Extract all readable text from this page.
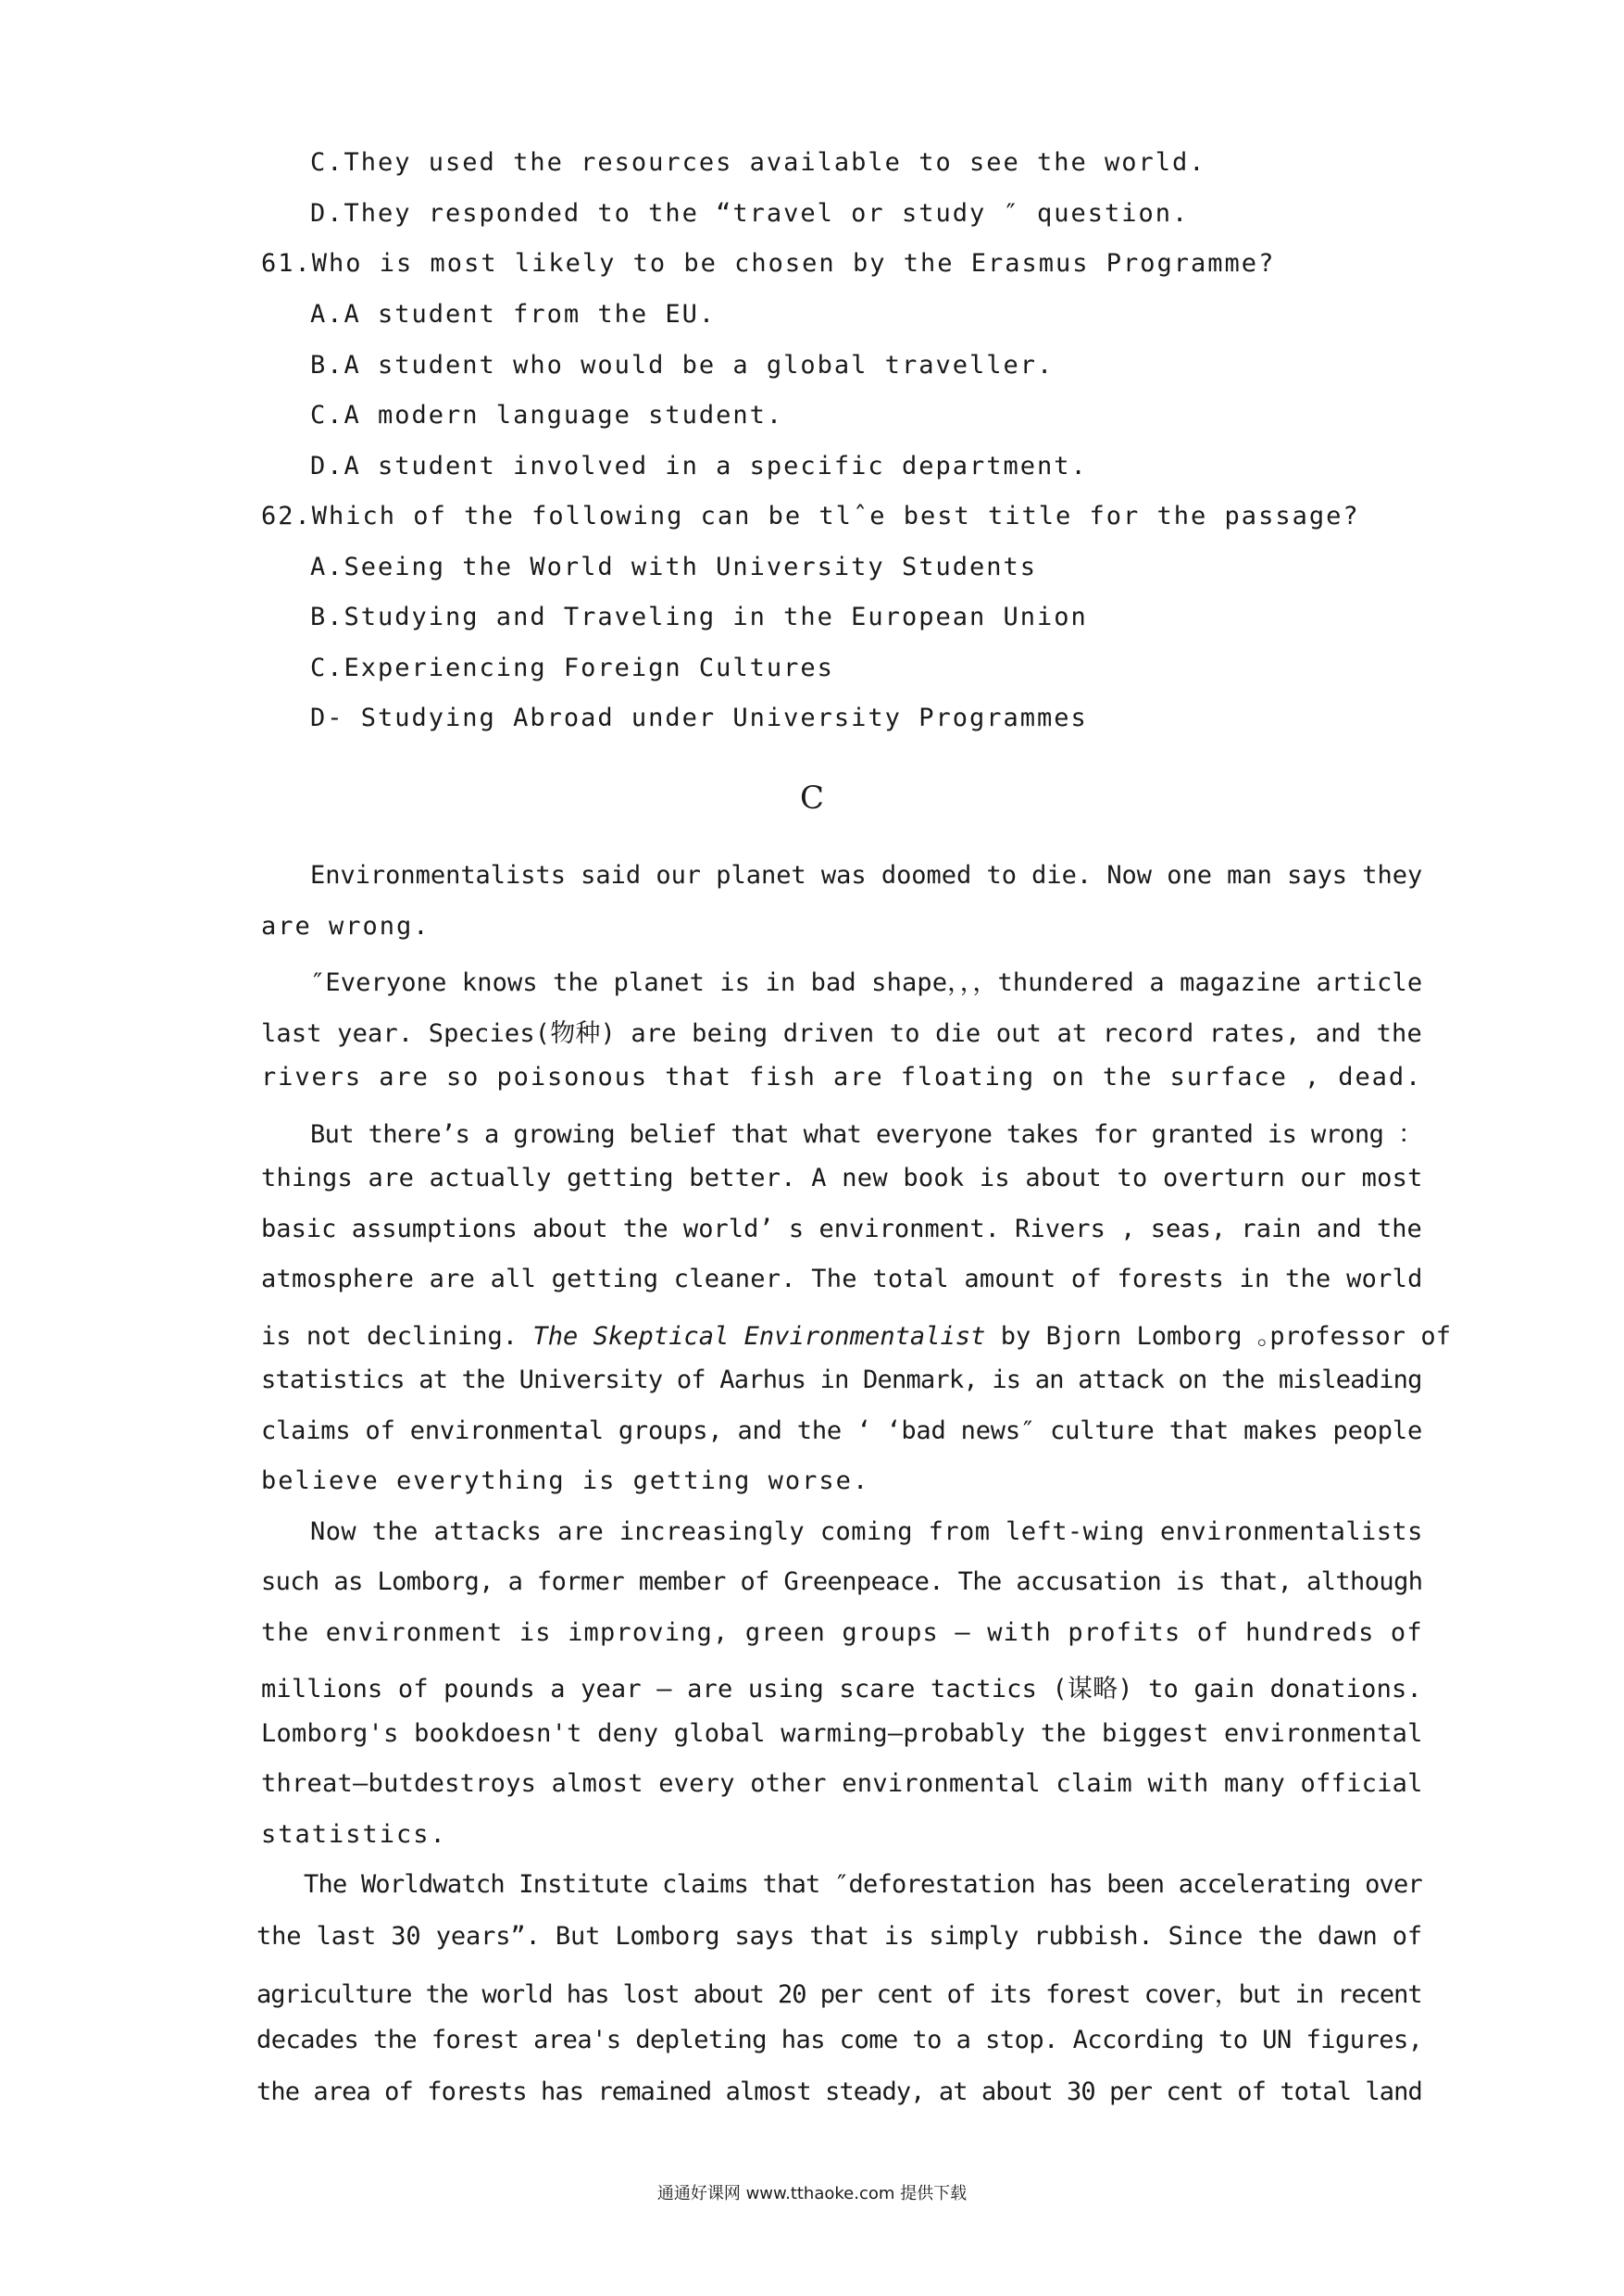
C.They used the resources available to see the world.
D.They responded to the “travel or study ″ question.
61.Who is most likely to be chosen by the Erasmus Programme?
A.A student from the EU.
B.A student who would be a global traveller.
C.A modern language student.
D.A student involved in a specific department.
62.Which of the following can be tlˆe best title for the passage?
A.Seeing the World with University Students
B.Studying and Traveling in the European Union
C.Experiencing Foreign Cultures
D- Studying Abroad under University Programmes
C
Environmentalists said our planet was doomed to die. Now one man says they
are wrong.
″Everyone knows the planet is in bad shape，，，thundered a magazine article
last year. Species(物种) are being driven to die out at record rates, and the
rivers are so poisonous that fish are floating on the surface , dead.
But there’s a growing belief that what everyone takes for granted is wrong ：
things are actually getting better. A new book is about to overturn our most
basic assumptions about the world’ s environment. Rivers , seas, rain and the
atmosphere are all getting cleaner. The total amount of forests in the world
is not declining. The Skeptical Environmentalist by Bjorn Lomborg ｡professor of
statistics at the University of Aarhus in Denmark, is an attack on the misleading
claims of environmental groups, and the ‘ ‘bad news″ culture that makes people
believe everything is getting worse.
Now the attacks are increasingly coming from left-wing environmentalists
such as Lomborg, a former member of Greenpeace. The accusation is that, although
the environment is improving, green groups — with profits of hundreds of
millions of pounds a year — are using scare tactics (谋略) to gain donations.
Lomborg's bookdoesn't deny global warming—probably the biggest environmental
threat—butdestroys almost every other environmental claim with many official
statistics.
The Worldwatch Institute claims that ″deforestation has been accelerating over
the last 30 years”. But Lomborg says that is simply rubbish. Since the dawn of
agriculture the world has lost about 20 per cent of its forest cover，but in recent
decades the forest area's depleting has come to a stop. According to UN figures,
the area of forests has remained almost steady, at about 30 per cent of total land
通通好课网 www.tthaoke.com 提供下载
